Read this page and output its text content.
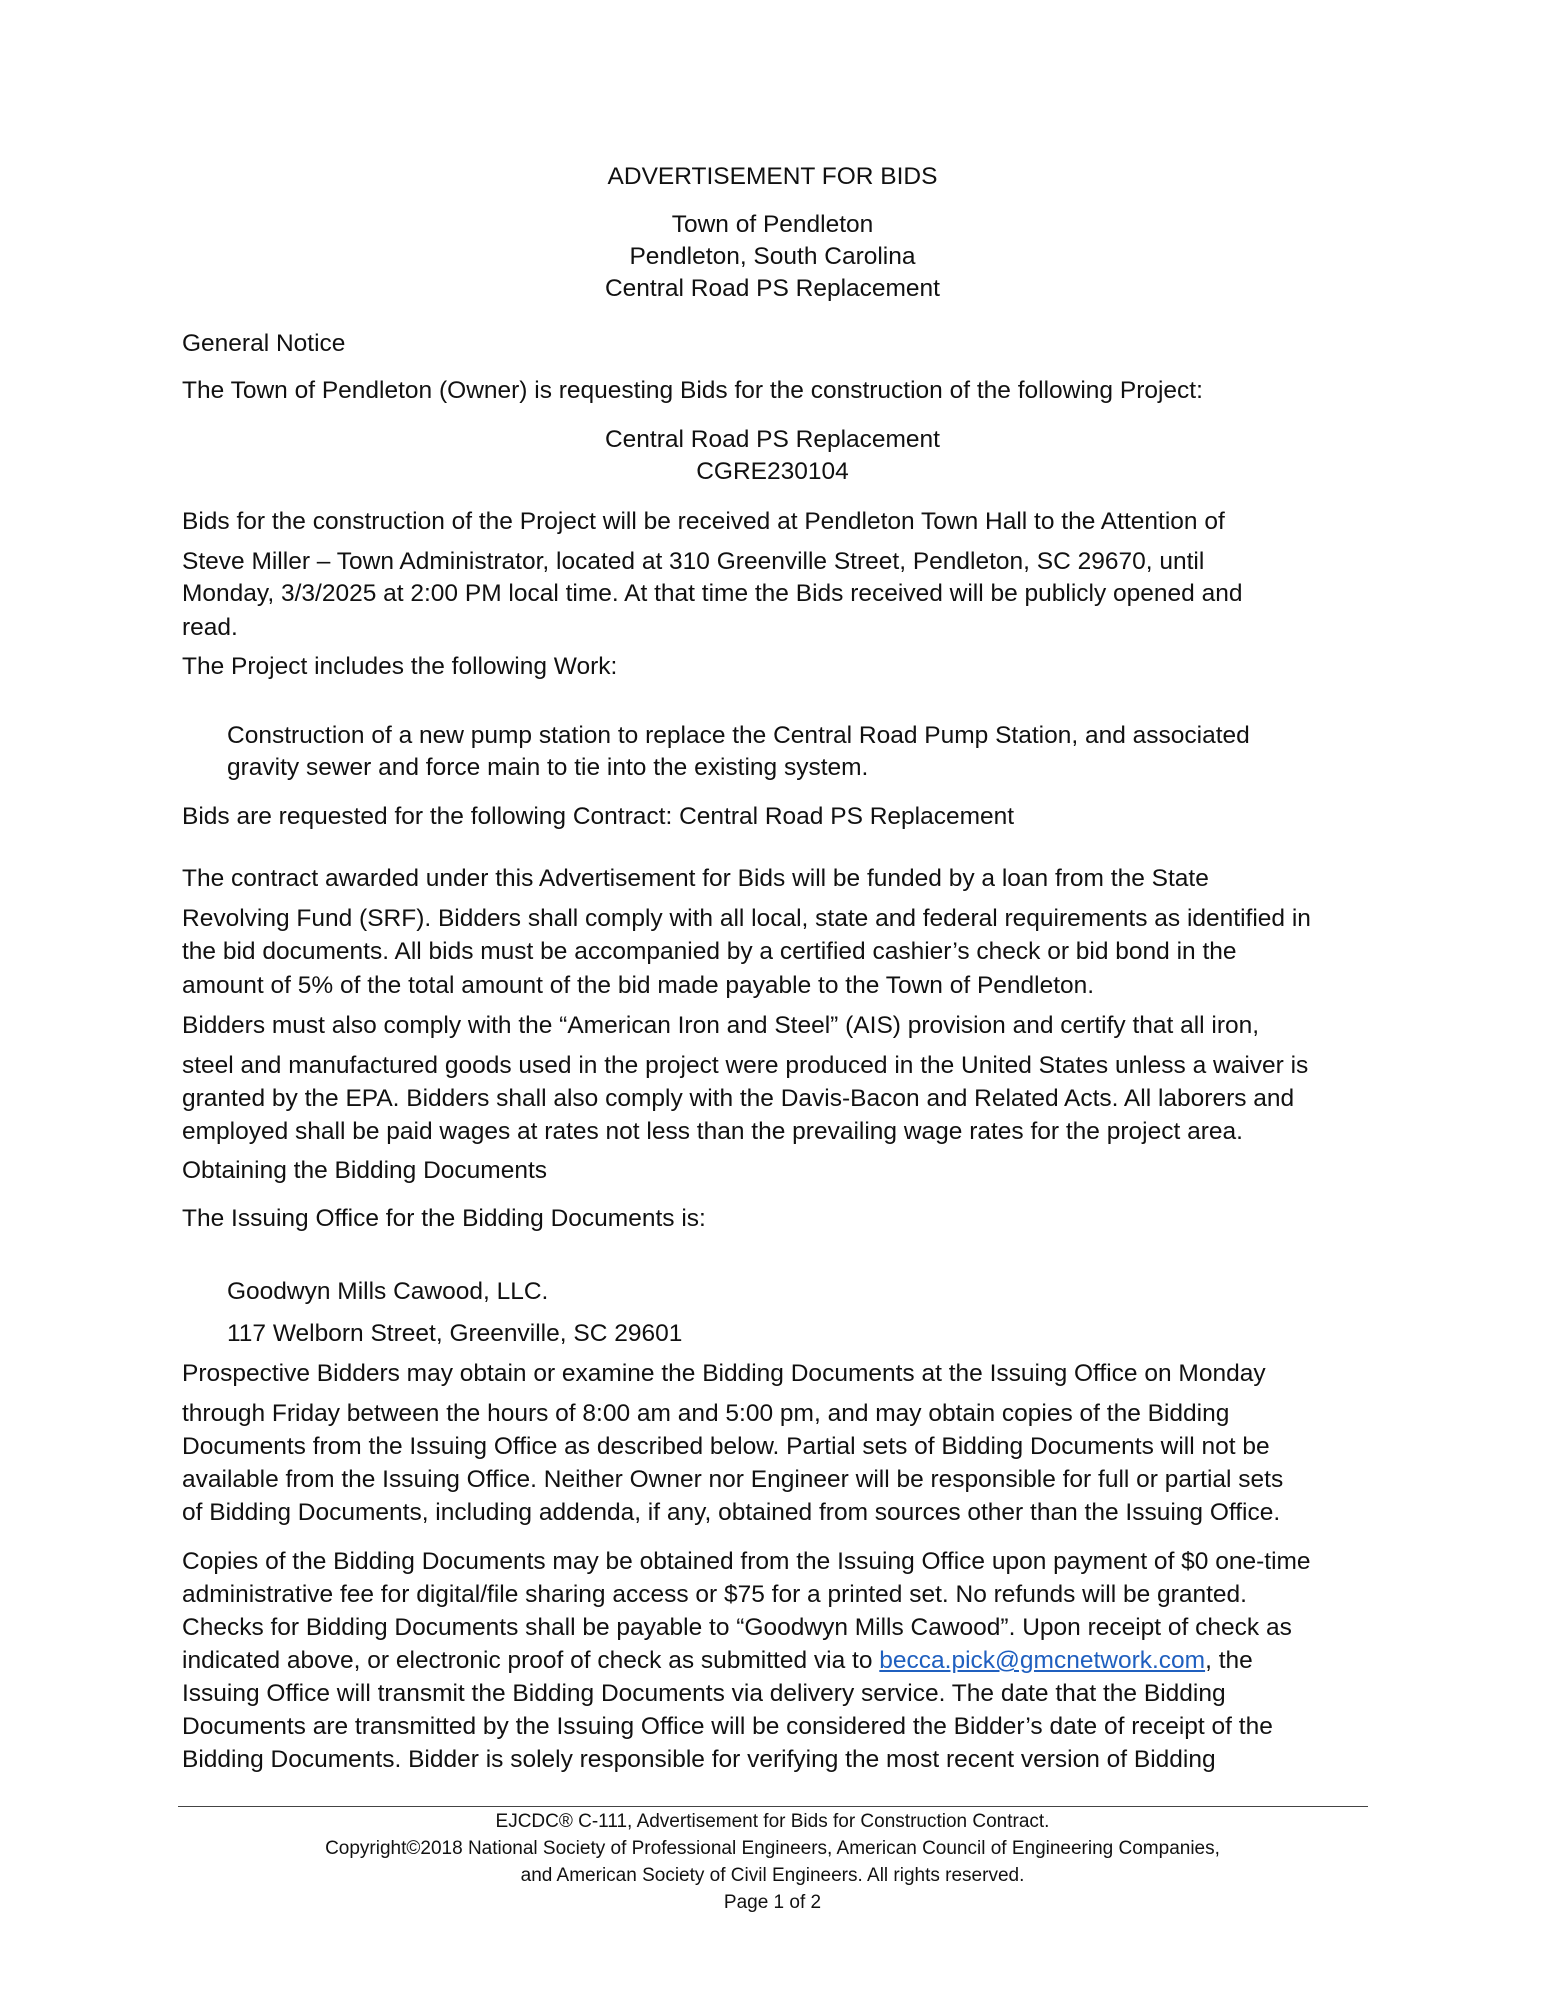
ADVERTISEMENT FOR BIDS
Town of Pendleton
Pendleton, South Carolina
Central Road PS Replacement
General Notice
The Town of Pendleton (Owner) is requesting Bids for the construction of the following Project:
Central Road PS Replacement
CGRE230104
Bids for the construction of the Project will be received at Pendleton Town Hall to the Attention of
Steve Miller – Town Administrator, located at 310 Greenville Street, Pendleton, SC 29670, until
Monday, 3/3/2025 at 2:00 PM local time. At that time the Bids received will be publicly opened and
read.
The Project includes the following Work:
Construction of a new pump station to replace the Central Road Pump Station, and associated
gravity sewer and force main to tie into the existing system.
Bids are requested for the following Contract: Central Road PS Replacement
The contract awarded under this Advertisement for Bids will be funded by a loan from the State
Revolving Fund (SRF). Bidders shall comply with all local, state and federal requirements as identified in
the bid documents. All bids must be accompanied by a certified cashier’s check or bid bond in the
amount of 5% of the total amount of the bid made payable to the Town of Pendleton.
Bidders must also comply with the “American Iron and Steel” (AIS) provision and certify that all iron,
steel and manufactured goods used in the project were produced in the United States unless a waiver is
granted by the EPA. Bidders shall also comply with the Davis-Bacon and Related Acts. All laborers and
employed shall be paid wages at rates not less than the prevailing wage rates for the project area.
Obtaining the Bidding Documents
The Issuing Office for the Bidding Documents is:
Goodwyn Mills Cawood, LLC.
117 Welborn Street, Greenville, SC 29601
Prospective Bidders may obtain or examine the Bidding Documents at the Issuing Office on Monday
through Friday between the hours of 8:00 am and 5:00 pm, and may obtain copies of the Bidding
Documents from the Issuing Office as described below. Partial sets of Bidding Documents will not be
available from the Issuing Office. Neither Owner nor Engineer will be responsible for full or partial sets
of Bidding Documents, including addenda, if any, obtained from sources other than the Issuing Office.
Copies of the Bidding Documents may be obtained from the Issuing Office upon payment of $0 one-time
administrative fee for digital/file sharing access or $75 for a printed set. No refunds will be granted.
Checks for Bidding Documents shall be payable to “Goodwyn Mills Cawood”. Upon receipt of check as
indicated above, or electronic proof of check as submitted via to becca.pick@gmcnetwork.com, the
Issuing Office will transmit the Bidding Documents via delivery service. The date that the Bidding
Documents are transmitted by the Issuing Office will be considered the Bidder’s date of receipt of the
Bidding Documents. Bidder is solely responsible for verifying the most recent version of Bidding
EJCDC® C-111, Advertisement for Bids for Construction Contract.
Copyright©2018 National Society of Professional Engineers, American Council of Engineering Companies,
and American Society of Civil Engineers. All rights reserved.
Page 1 of 2
